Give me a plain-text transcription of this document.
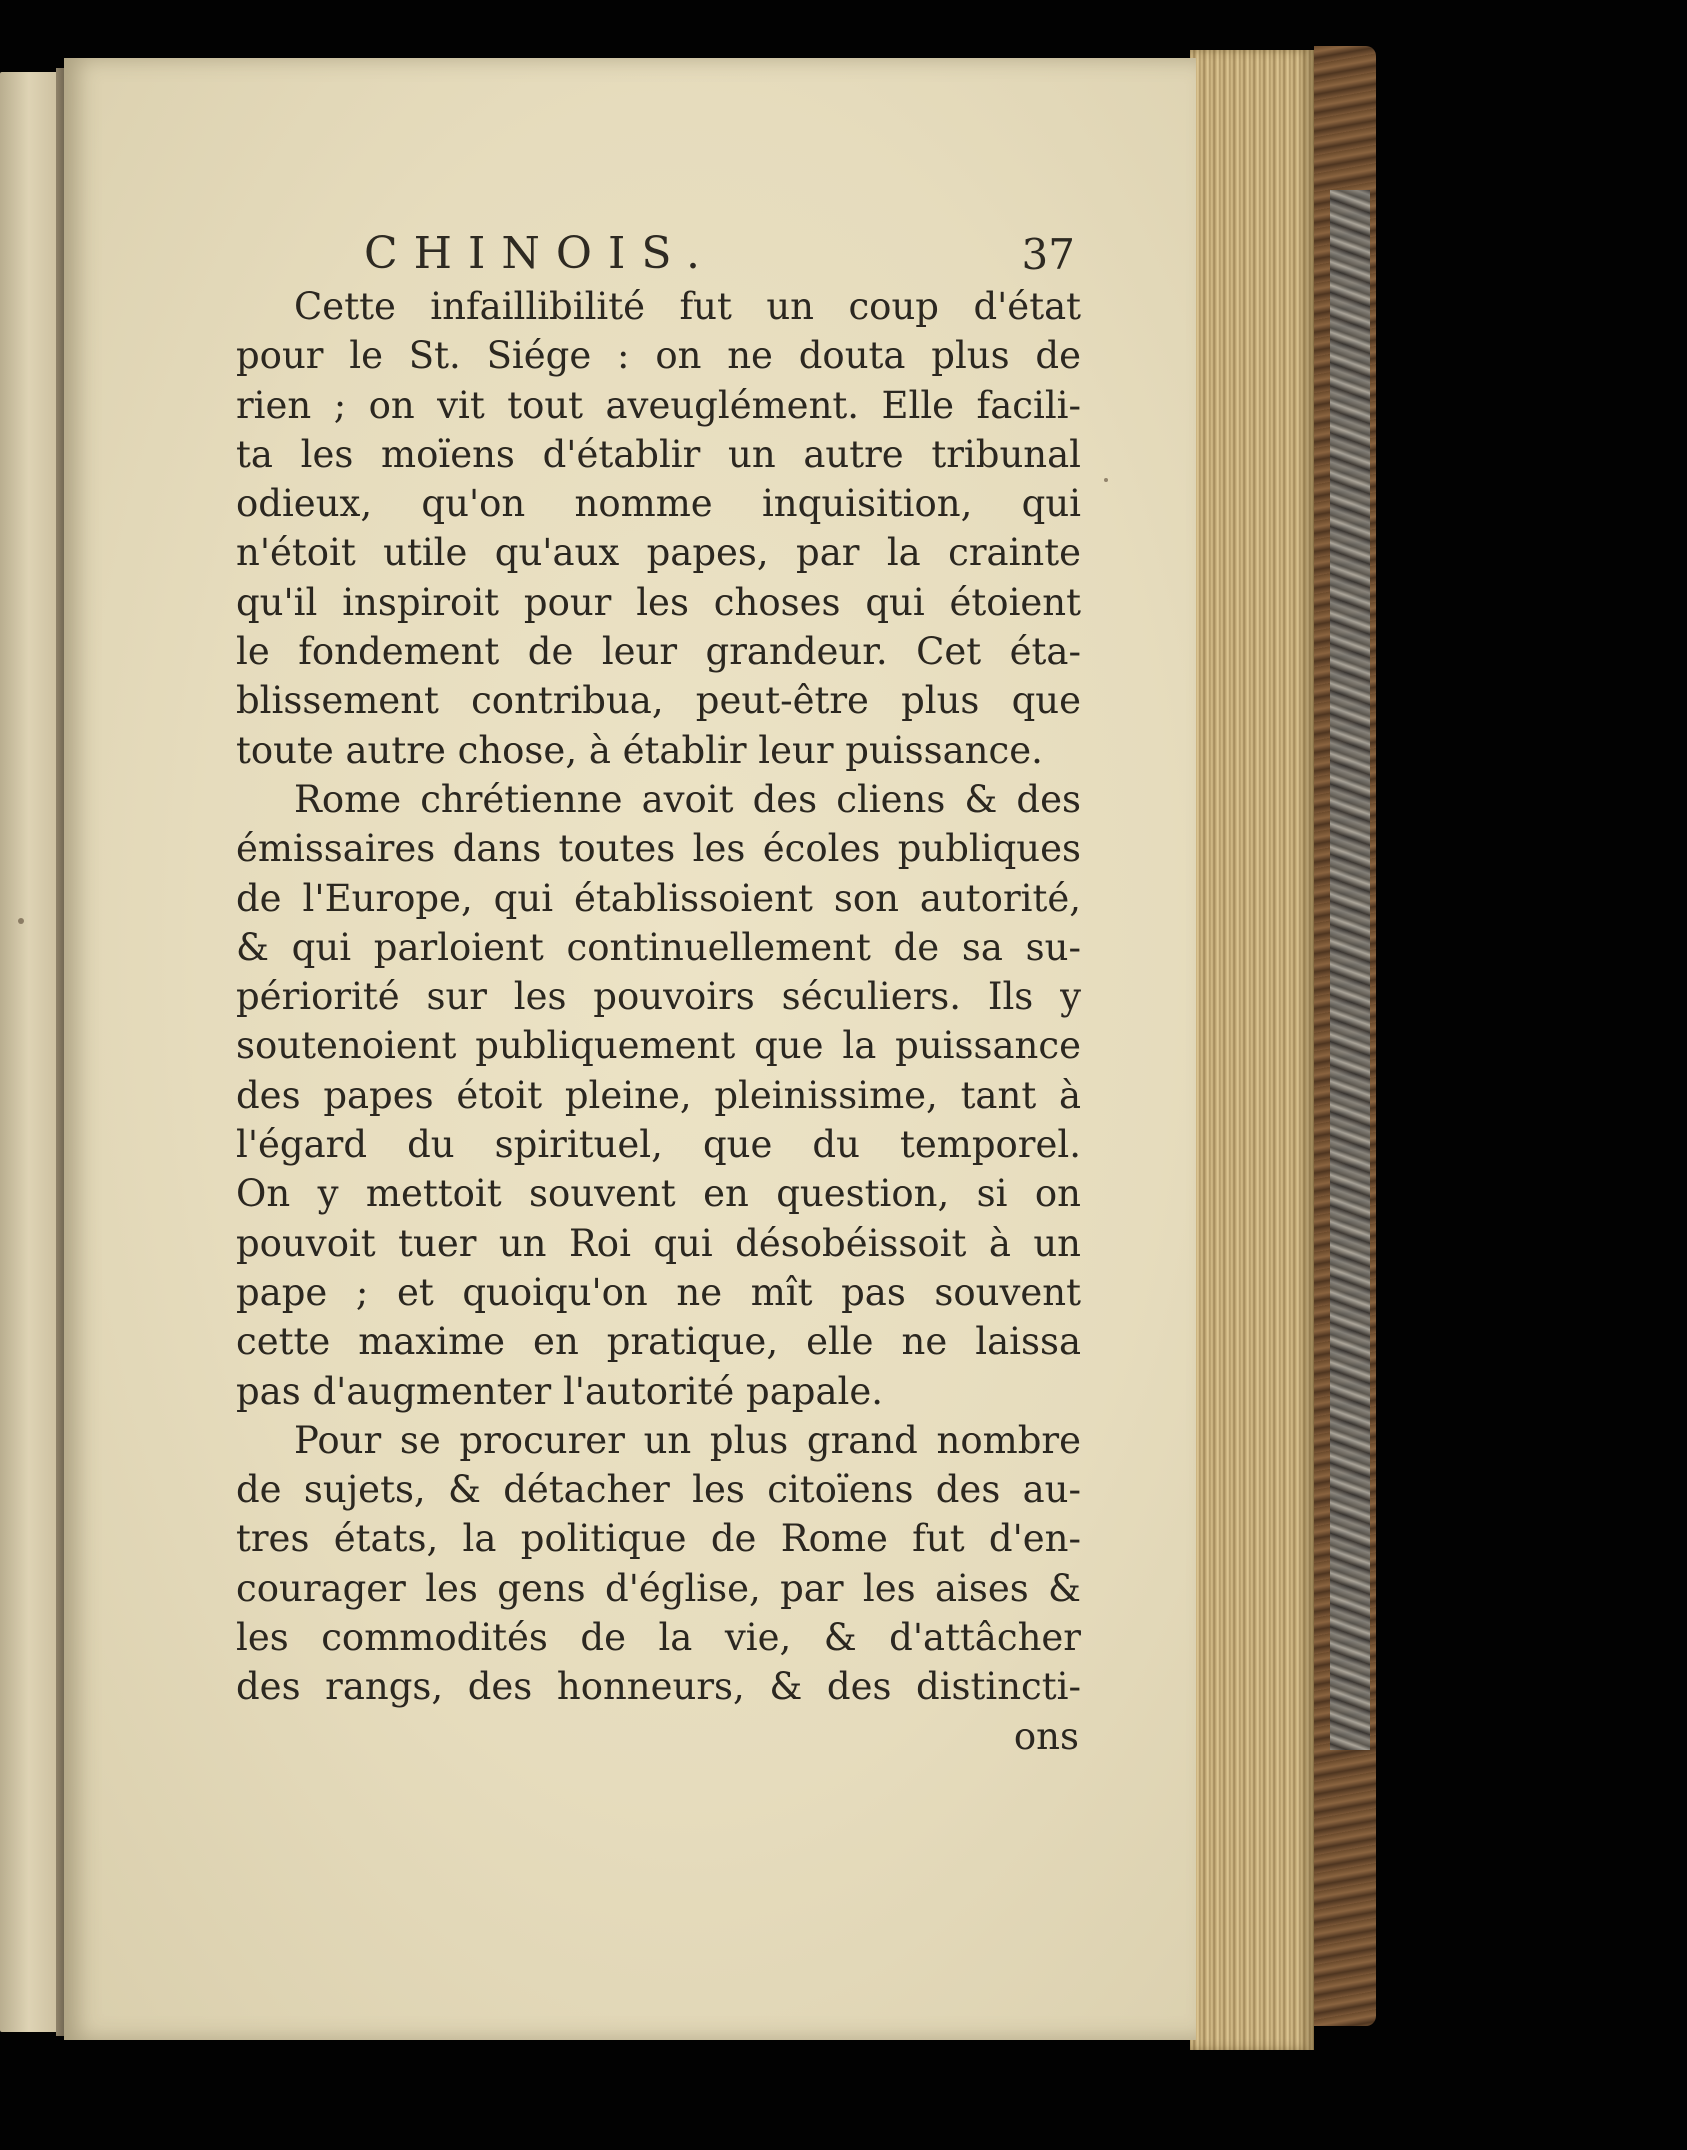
CHINOIS.	37
Cette infaillibilité fut un coup d'état
pour le St. Siége : on ne douta plus de
rien ; on vit tout aveuglément. Elle facili-
ta les moïens d'établir un autre tribunal
odieux, qu'on nomme inquisition, qui
n'étoit utile qu'aux papes, par la crainte
qu'il inspiroit pour les choses qui étoient
le fondement de leur grandeur. Cet éta-
blissement contribua, peut-être plus que
toute autre chose, à établir leur puissance.
Rome chrétienne avoit des cliens & des
émissaires dans toutes les écoles publiques
de l'Europe, qui établissoient son autorité,
& qui parloient continuellement de sa su-
périorité sur les pouvoirs séculiers. Ils y
soutenoient publiquement que la puissance
des papes étoit pleine, pleinissime, tant à
l'égard du spirituel, que du temporel.
On y mettoit souvent en question, si on
pouvoit tuer un Roi qui désobéissoit à un
pape ; et quoiqu'on ne mît pas souvent
cette maxime en pratique, elle ne laissa
pas d'augmenter l'autorité papale.
Pour se procurer un plus grand nombre
de sujets, & détacher les citoïens des au-
tres états, la politique de Rome fut d'en-
courager les gens d'église, par les aises &
les commodités de la vie, & d'attâcher
des rangs, des honneurs, & des distincti-
ons
